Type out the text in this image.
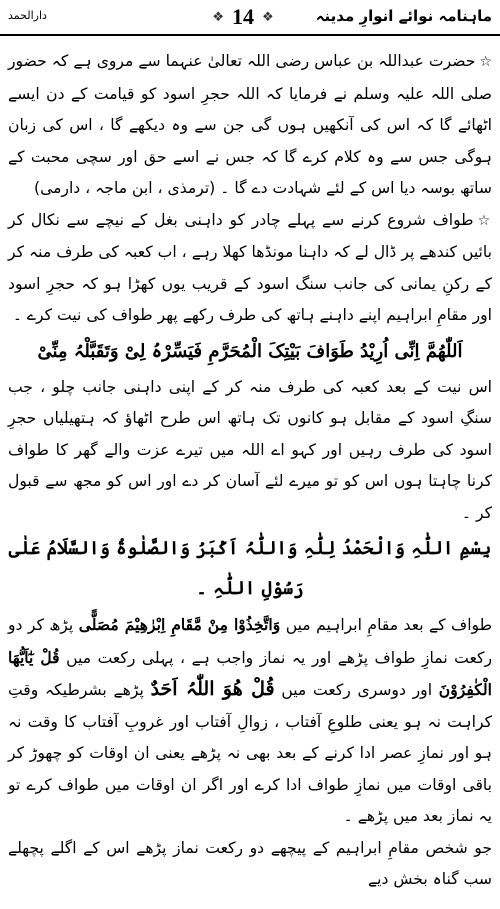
ماہنامہ نوائے انوارِ مدینہ
❖ 14 ❖
دارالحمد

☆حضرت عبداللہ بن عباس رضی اللہ تعالیٰ عنہما سے مروی ہے کہ حضور صلی اللہ علیہ وسلم نے فرمایا کہ اللہ حجرِ اسود کو قیامت کے دن ایسے اٹھائے گا کہ اس کی آنکھیں ہوں گی جن سے وہ دیکھے گا ، اس کی زبان ہوگی جس سے وہ کلام کرے گا کہ جس نے اسے حق اور سچی محبت کے ساتھ بوسہ دیا اس کے لئے شہادت دے گا ۔ (ترمذی ، ابن ماجہ ، دارمی)

☆طواف شروع کرنے سے پہلے چادر کو داہنی بغل کے نیچے سے نکال کر بائیں کندھے پر ڈال لے کہ داہنا مونڈھا کھلا رہے ، اب کعبہ کی طرف منہ کر کے رکنِ یمانی کی جانب سنگ اسود کے قریب یوں کھڑا ہو کہ حجرِ اسود اور مقامِ ابراہیم اپنے داہنے ہاتھ کی طرف رکھے پھر طواف کی نیت کرے ۔

اَللّٰھُمَّ اِنِّی اُرِیْدُ طَوَافَ بَیْتِکَ الْمُحَرَّمِ فَیَسِّرْہُ لِیْ وَتَقَبَّلْہُ مِنِّیْ

اس نیت کے بعد کعبہ کی طرف منہ کر کے اپنی داہنی جانب چلو ، جب سنگِ اسود کے مقابل ہو کانوں تک ہاتھ اس طرح اٹھاؤ کہ ہتھیلیاں حجرِ اسود کی طرف رہیں اور کہو اے اللہ میں تیرے عزت والے گھر کا طواف کرنا چاہتا ہوں اس کو تو میرے لئے آسان کر دے اور اس کو مجھ سے قبول کر ۔

بِسْمِ اللّٰہِ وَالْحَمْدُ لِلّٰہِ وَاللّٰہُ اَکْبَرُ وَالصَّلٰوۃُ وَالسَّلَامُ عَلٰی رَسُوْلِ اللّٰہِ ۔

طواف کے بعد مقامِ ابراہیم میں وَاتَّخِذُوْا مِنْ مَّقَامِ اِبْرٰھِیْمَ مُصَلًّی پڑھ کر دو رکعت نمازِ طواف پڑھے اور یہ نماز واجب ہے ، پہلی رکعت میں قُلْ یٰٓاَیُّھَا الْکٰفِرُوْنَ اور دوسری رکعت میں قُلْ ھُوَ اللّٰہُ اَحَدٌ پڑھے بشرطیکہ وقتِ کراہت نہ ہو یعنی طلوعِ آفتاب ، زوالِ آفتاب اور غروبِ آفتاب کا وقت نہ ہو اور نمازِ عصر ادا کرنے کے بعد بھی نہ پڑھے یعنی ان اوقات کو چھوڑ کر باقی اوقات میں نمازِ طواف ادا کرے اور اگر ان اوقات میں طواف کرے تو یہ نماز بعد میں پڑھے ۔

جو شخص مقامِ ابراہیم کے پیچھے دو رکعت نماز پڑھے اس کے اگلے پچھلے سب گناہ بخش دیے
